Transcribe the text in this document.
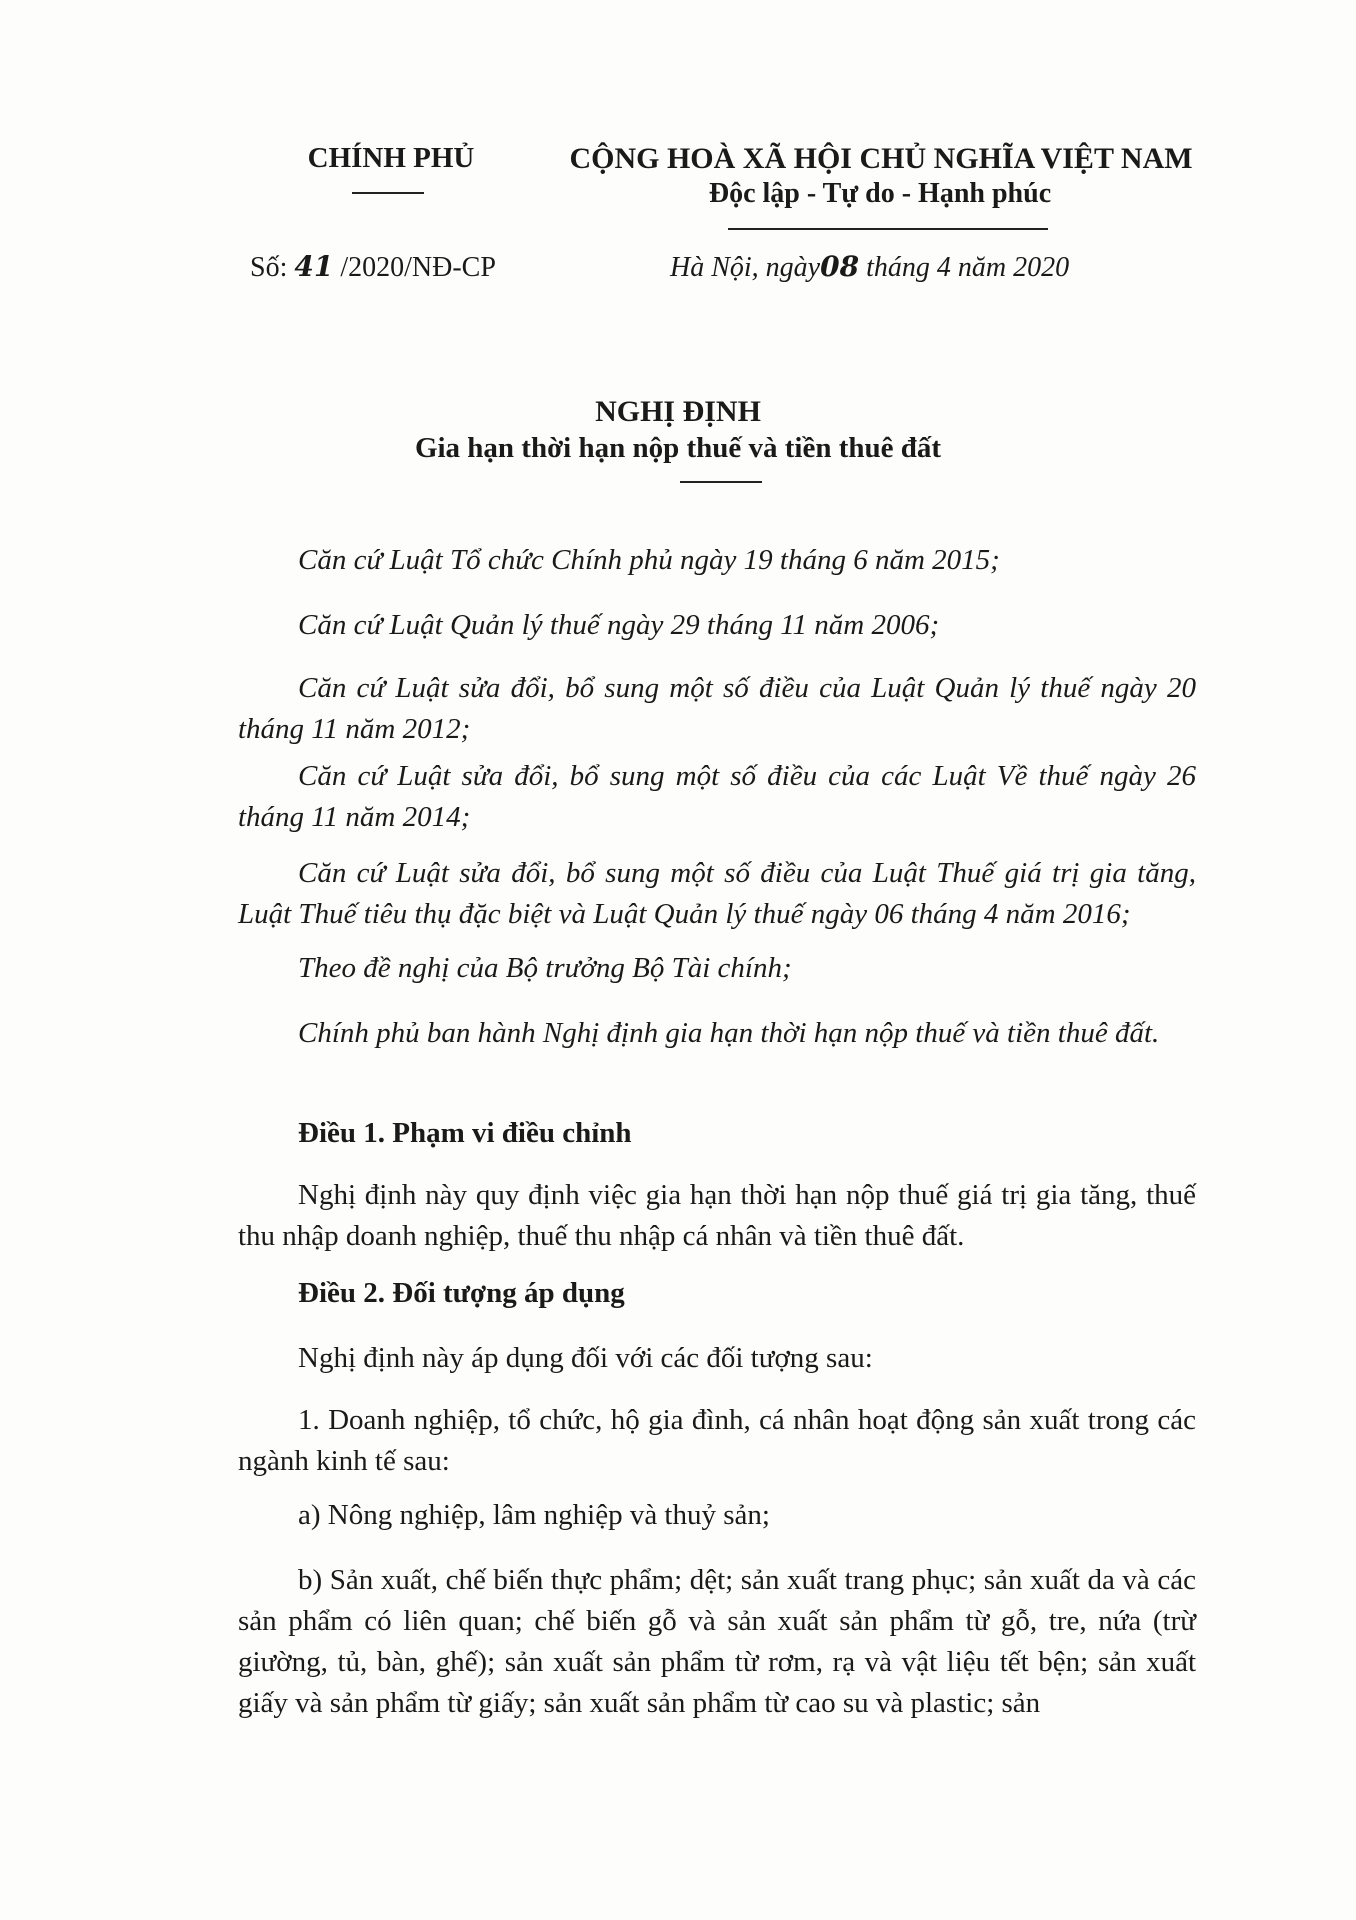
CHÍNH PHỦ	CỘNG HOÀ XÃ HỘI CHỦ NGHĨA VIỆT NAM
Độc lập - Tự do - Hạnh phúc
Số: 41 /2020/NĐ-CP	Hà Nội, ngày08 tháng 4 năm 2020
NGHỊ ĐỊNH
Gia hạn thời hạn nộp thuế và tiền thuê đất
Căn cứ Luật Tổ chức Chính phủ ngày 19 tháng 6 năm 2015;
Căn cứ Luật Quản lý thuế ngày 29 tháng 11 năm 2006;
Căn cứ Luật sửa đổi, bổ sung một số điều của Luật Quản lý thuế ngày 20 tháng 11 năm 2012;
Căn cứ Luật sửa đổi, bổ sung một số điều của các Luật Về thuế ngày 26 tháng 11 năm 2014;
Căn cứ Luật sửa đổi, bổ sung một số điều của Luật Thuế giá trị gia tăng, Luật Thuế tiêu thụ đặc biệt và Luật Quản lý thuế ngày 06 tháng 4 năm 2016;
Theo đề nghị của Bộ trưởng Bộ Tài chính;
Chính phủ ban hành Nghị định gia hạn thời hạn nộp thuế và tiền thuê đất.
Điều 1. Phạm vi điều chỉnh
Nghị định này quy định việc gia hạn thời hạn nộp thuế giá trị gia tăng, thuế thu nhập doanh nghiệp, thuế thu nhập cá nhân và tiền thuê đất.
Điều 2. Đối tượng áp dụng
Nghị định này áp dụng đối với các đối tượng sau:
1. Doanh nghiệp, tổ chức, hộ gia đình, cá nhân hoạt động sản xuất trong các ngành kinh tế sau:
a) Nông nghiệp, lâm nghiệp và thuỷ sản;
b) Sản xuất, chế biến thực phẩm; dệt; sản xuất trang phục; sản xuất da và các sản phẩm có liên quan; chế biến gỗ và sản xuất sản phẩm từ gỗ, tre, nứa (trừ giường, tủ, bàn, ghế); sản xuất sản phẩm từ rơm, rạ và vật liệu tết bện; sản xuất giấy và sản phẩm từ giấy; sản xuất sản phẩm từ cao su và plastic; sản
